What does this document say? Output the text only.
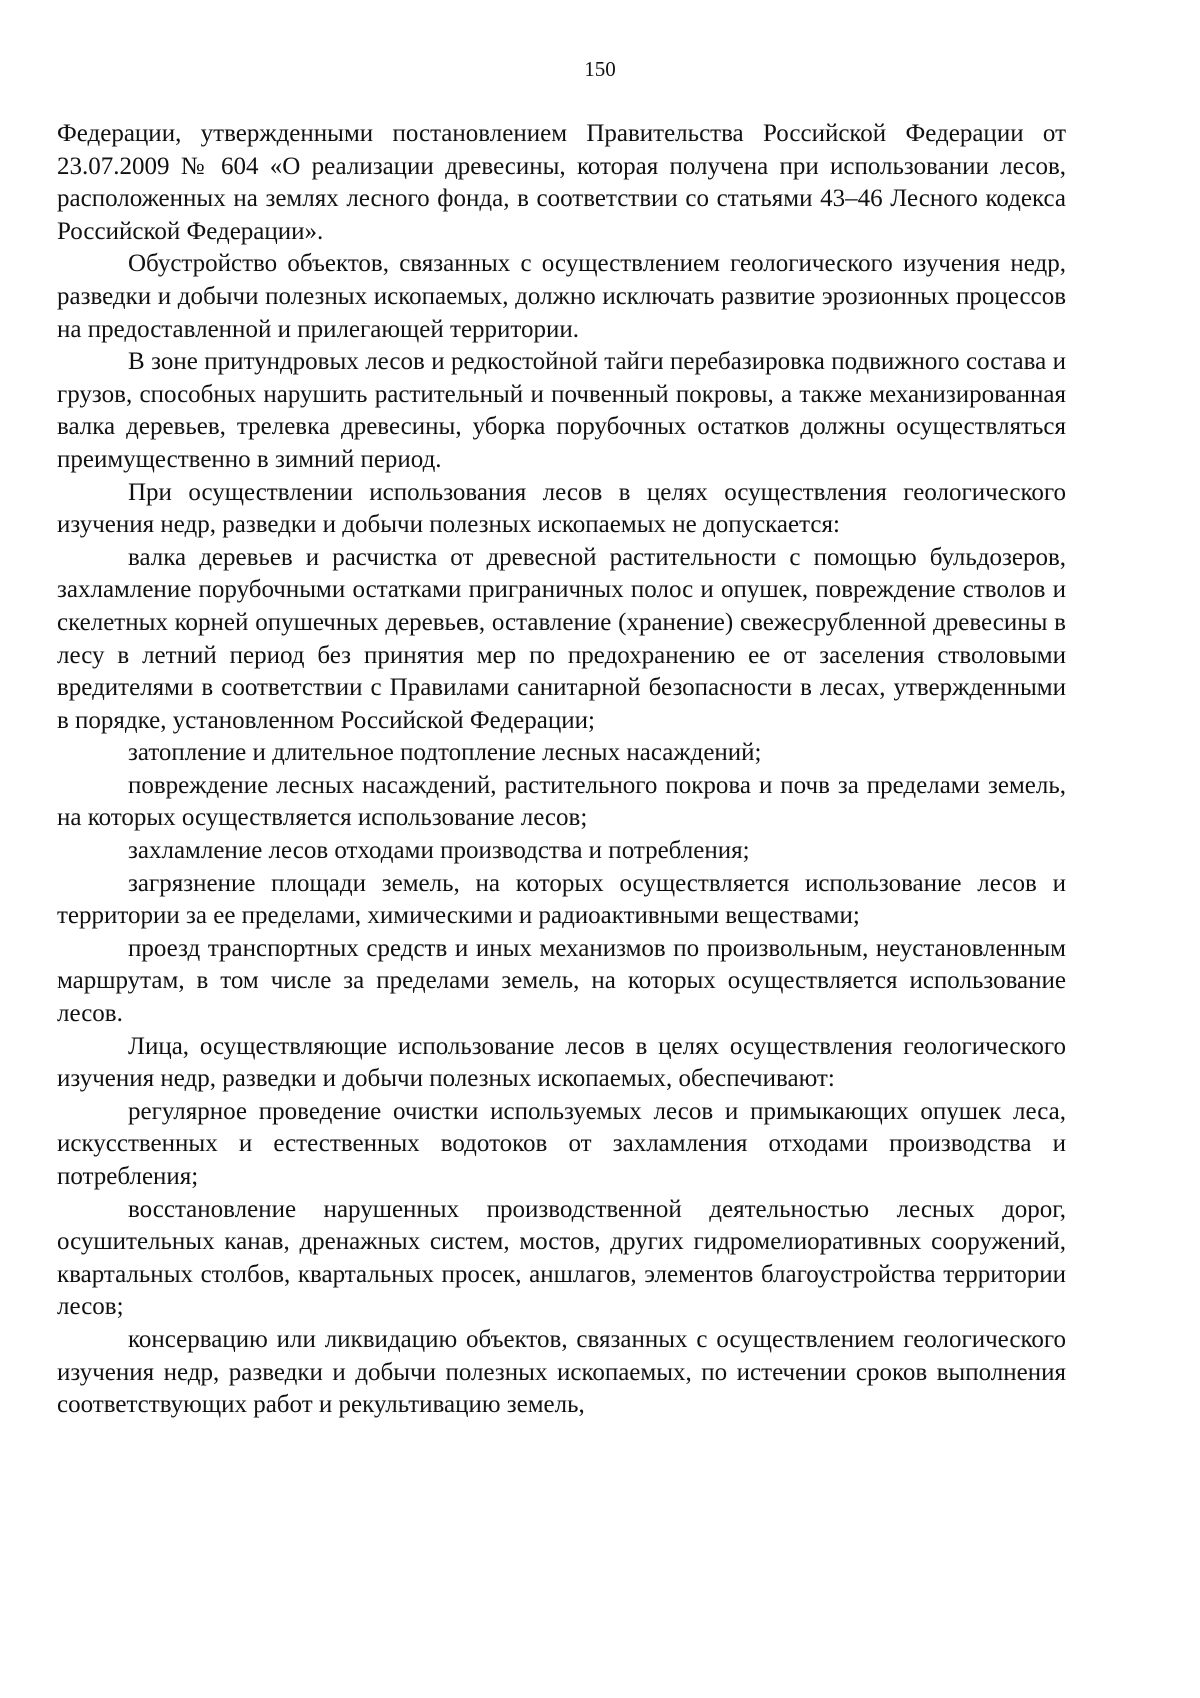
150

Федерации, утвержденными постановлением Правительства Российской Федерации от 23.07.2009 № 604 «О реализации древесины, которая получена при использовании лесов, расположенных на землях лесного фонда, в соответствии со статьями 43–46 Лесного кодекса Российской Федерации».

Обустройство объектов, связанных с осуществлением геологического изучения недр, разведки и добычи полезных ископаемых, должно исключать развитие эрозионных процессов на предоставленной и прилегающей территории.

В зоне притундровых лесов и редкостойной тайги перебазировка подвижного состава и грузов, способных нарушить растительный и почвенный покровы, а также механизированная валка деревьев, трелевка древесины, уборка порубочных остатков должны осуществляться преимущественно в зимний период.

При осуществлении использования лесов в целях осуществления геологического изучения недр, разведки и добычи полезных ископаемых не допускается:

валка деревьев и расчистка от древесной растительности с помощью бульдозеров, захламление порубочными остатками приграничных полос и опушек, повреждение стволов и скелетных корней опушечных деревьев, оставление (хранение) свежесрубленной древесины в лесу в летний период без принятия мер по предохранению ее от заселения стволовыми вредителями в соответствии с Правилами санитарной безопасности в лесах, утвержденными в порядке, установленном Российской Федерации;

затопление и длительное подтопление лесных насаждений;

повреждение лесных насаждений, растительного покрова и почв за пределами земель, на которых осуществляется использование лесов;

захламление лесов отходами производства и потребления;

загрязнение площади земель, на которых осуществляется использование лесов и территории за ее пределами, химическими и радиоактивными веществами;

проезд транспортных средств и иных механизмов по произвольным, неустановленным маршрутам, в том числе за пределами земель, на которых осуществляется использование лесов.

Лица, осуществляющие использование лесов в целях осуществления геологического изучения недр, разведки и добычи полезных ископаемых, обеспечивают:

регулярное проведение очистки используемых лесов и примыкающих опушек леса, искусственных и естественных водотоков от захламления отходами производства и потребления;

восстановление нарушенных производственной деятельностью лесных дорог, осушительных канав, дренажных систем, мостов, других гидромелиоративных сооружений, квартальных столбов, квартальных просек, аншлагов, элементов благоустройства территории лесов;

консервацию или ликвидацию объектов, связанных с осуществлением геологического изучения недр, разведки и добычи полезных ископаемых, по истечении сроков выполнения соответствующих работ и рекультивацию земель,
